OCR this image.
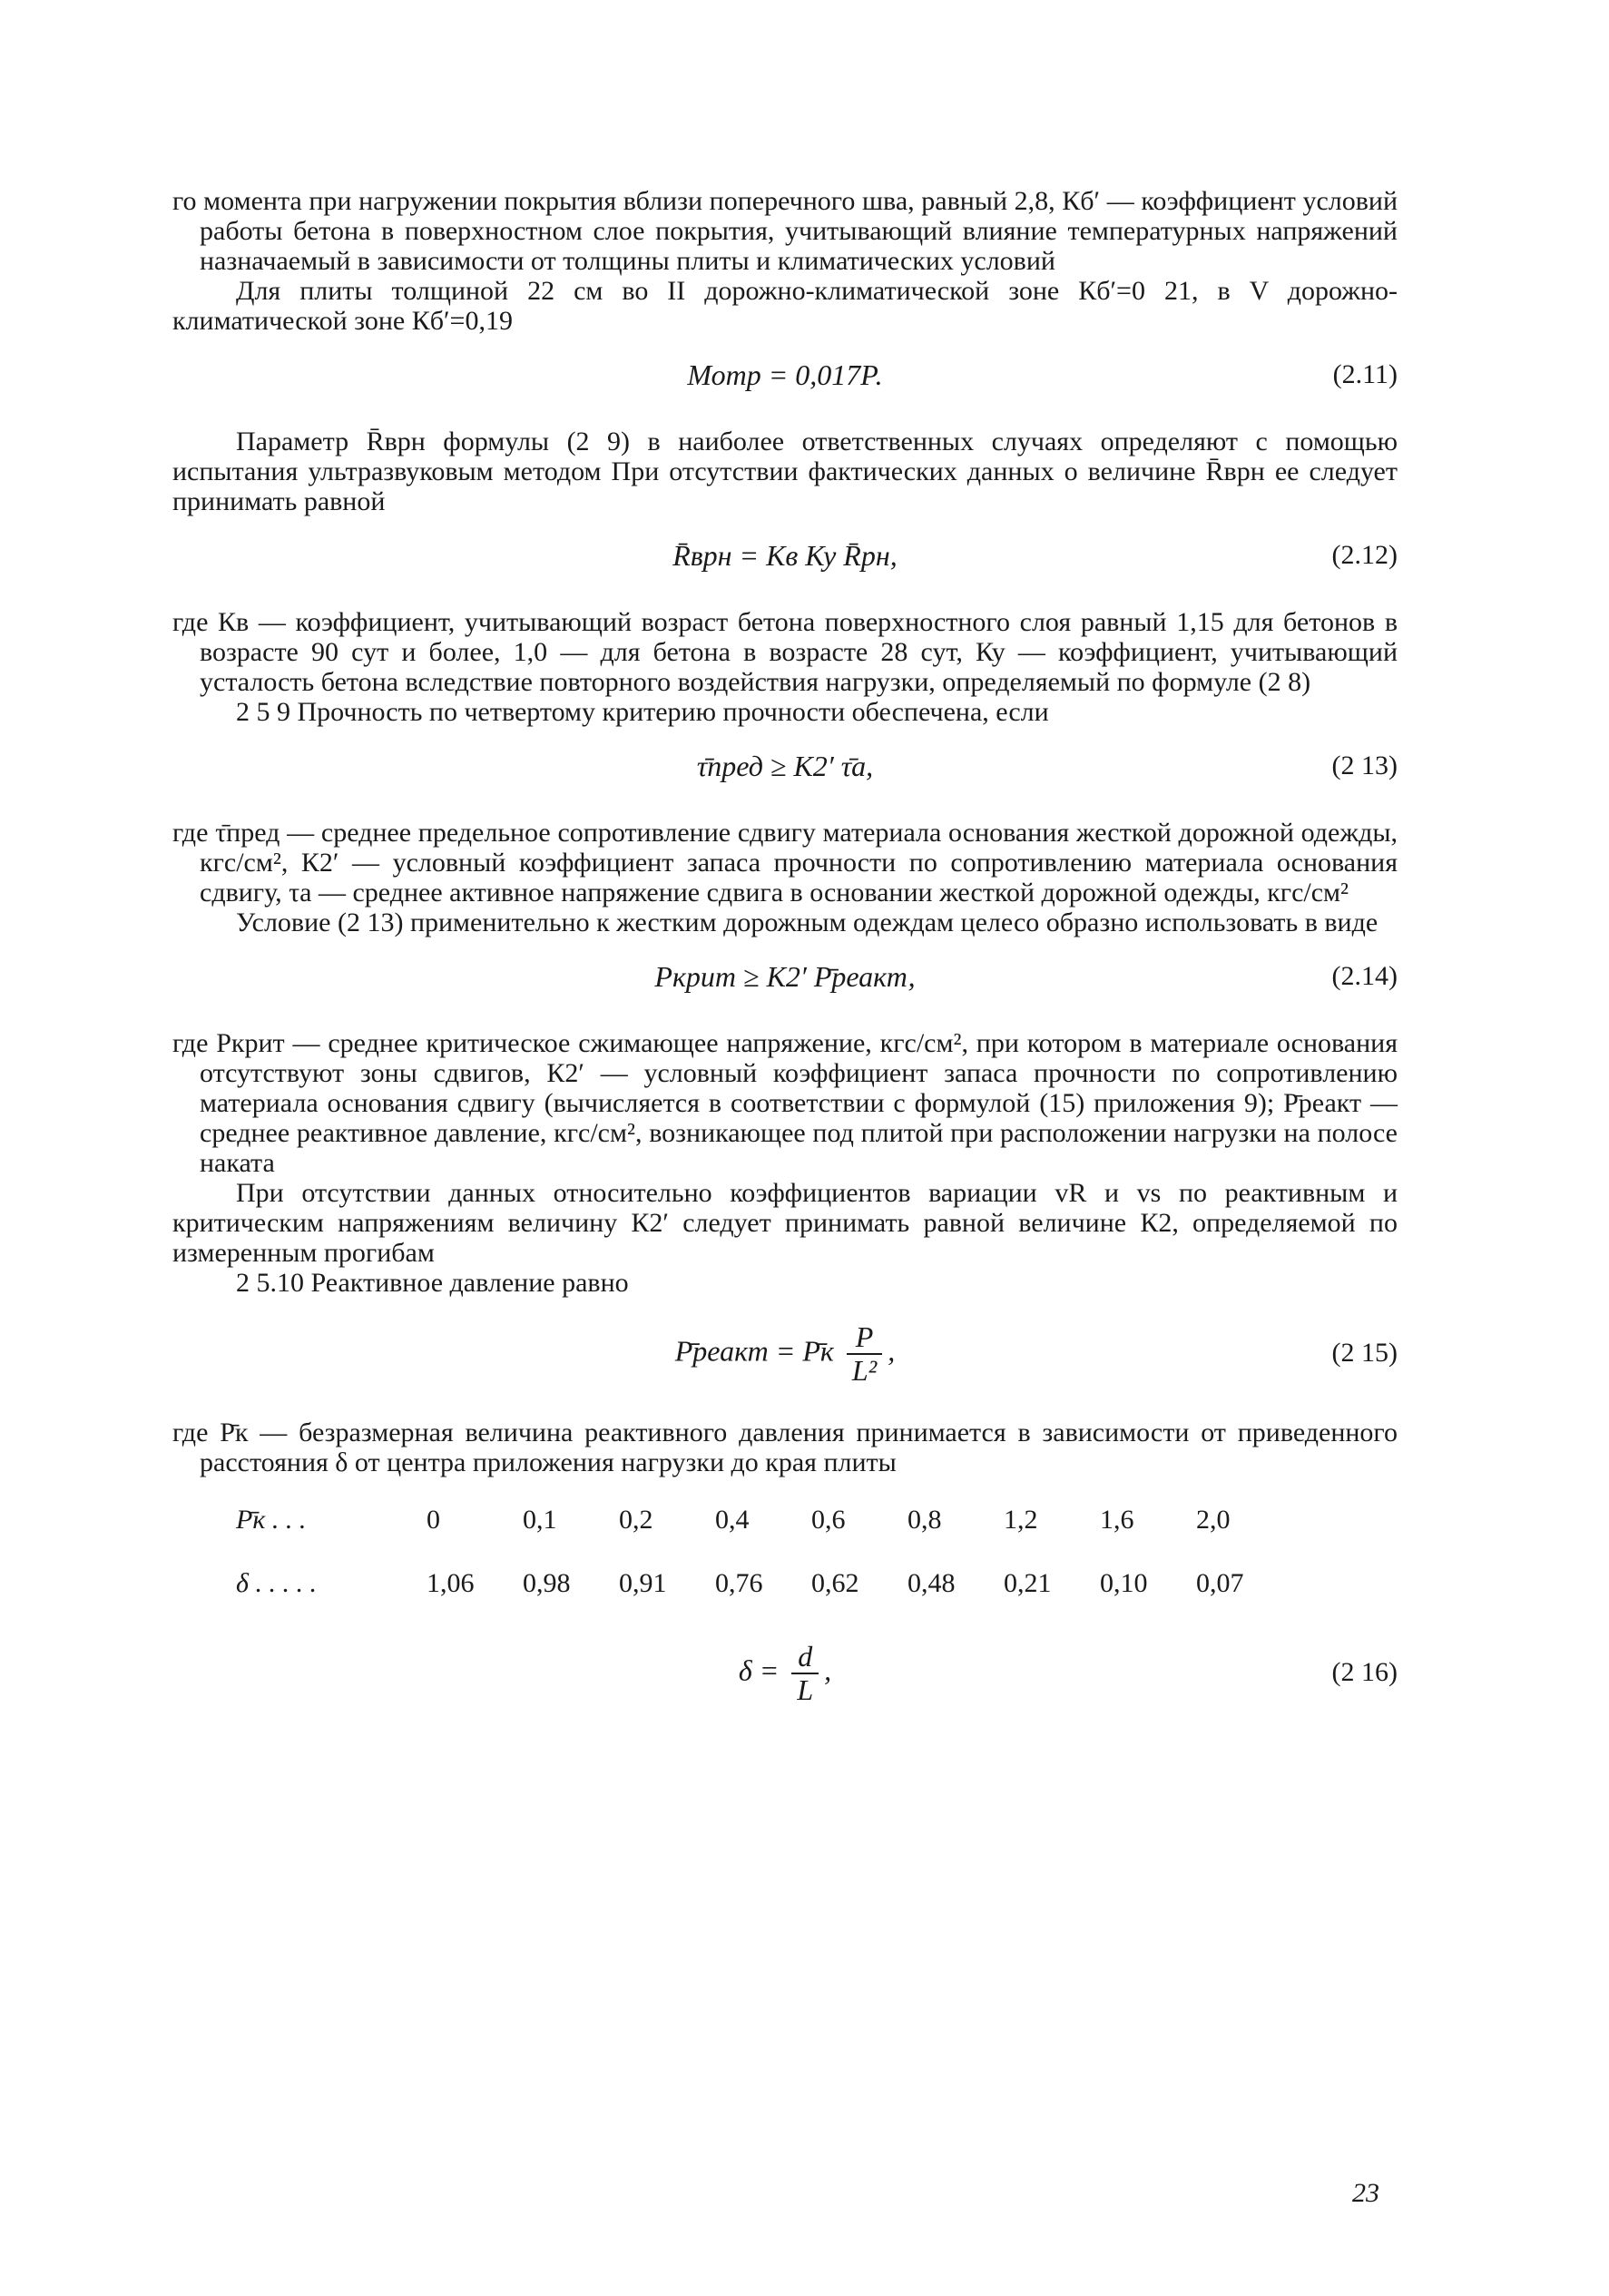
го момента при нагружении покрытия вблизи поперечного шва, равный 2,8, Кб′ — коэффициент условий работы бетона в поверхностном слое покрытия, учитывающий влияние температурных напряжений назначаемый в зависимости от толщины плиты и климатических условий

Для плиты толщиной 22 см во II дорожно-климатической зоне Кб′=0 21, в V дорожно-климатической зоне Кб′=0,19

Мотр = 0,017Р.	(2.11)

Параметр R̄ʙрн формулы (2 9) в наиболее ответственных случаях определяют с помощью испытания ультразвуковым методом При отсутствии фактических данных о величине R̄ʙрн ее следует принимать равной

R̄ʙрн = Кв Ку R̄рн,	(2.12)

где Кв — коэффициент, учитывающий возраст бетона поверхностного слоя равный 1,15 для бетонов в возрасте 90 сут и более, 1,0 — для бетона в возрасте 28 сут, Ку — коэффициент, учитывающий усталость бетона вследствие повторного воздействия нагрузки, определяемый по формуле (2 8)

2 5 9 Прочность по четвертому критерию прочности обеспечена, если

τ̄пред ≥ К2′ τ̄а,	(2 13)

где τ̄пред — среднее предельное сопротивление сдвигу материала основания жесткой дорожной одежды, кгс/см², К2′ — условный коэффициент запаса прочности по сопротивлению материала основания сдвигу, τа — среднее активное напряжение сдвига в основании жесткой дорожной одежды, кгс/см²

Условие (2 13) применительно к жестким дорожным одеждам целесо образно использовать в виде

Ркрит ≥ К2′ Р̄реакт,	(2.14)

где Ркрит — среднее критическое сжимающее напряжение, кгс/см², при котором в материале основания отсутствуют зоны сдвигов, К2′ — условный коэффициент запаса прочности по сопротивлению материала основания сдвигу (вычисляется в соответствии с формулой (15) приложения 9); Р̄реакт — среднее реактивное давление, кгс/см², возникающее под плитой при расположении нагрузки на полосе наката

При отсутствии данных относительно коэффициентов вариации vR и vs по реактивным и критическим напряжениям величину К2′ следует принимать равной величине К2, определяемой по измеренным прогибам

2 5.10 Реактивное давление равно

Р̄реакт = Р̄к $\frac{Р}{\text{L²}}$ ,	(2 15)

где Р̄к — безразмерная величина реактивного давления принимается в зависимости от приведенного расстояния δ от центра приложения нагрузки до края плиты

Р̄к . . .	0	0,1	0,2	0,4	0,6	0,8	1,2	1,6	2,0
δ . . . . .	1,06	0,98	0,91	0,76	0,62	0,48	0,21	0,10	0,07
$\delta = \frac{d}{L}$ ,	(2 16)
23
